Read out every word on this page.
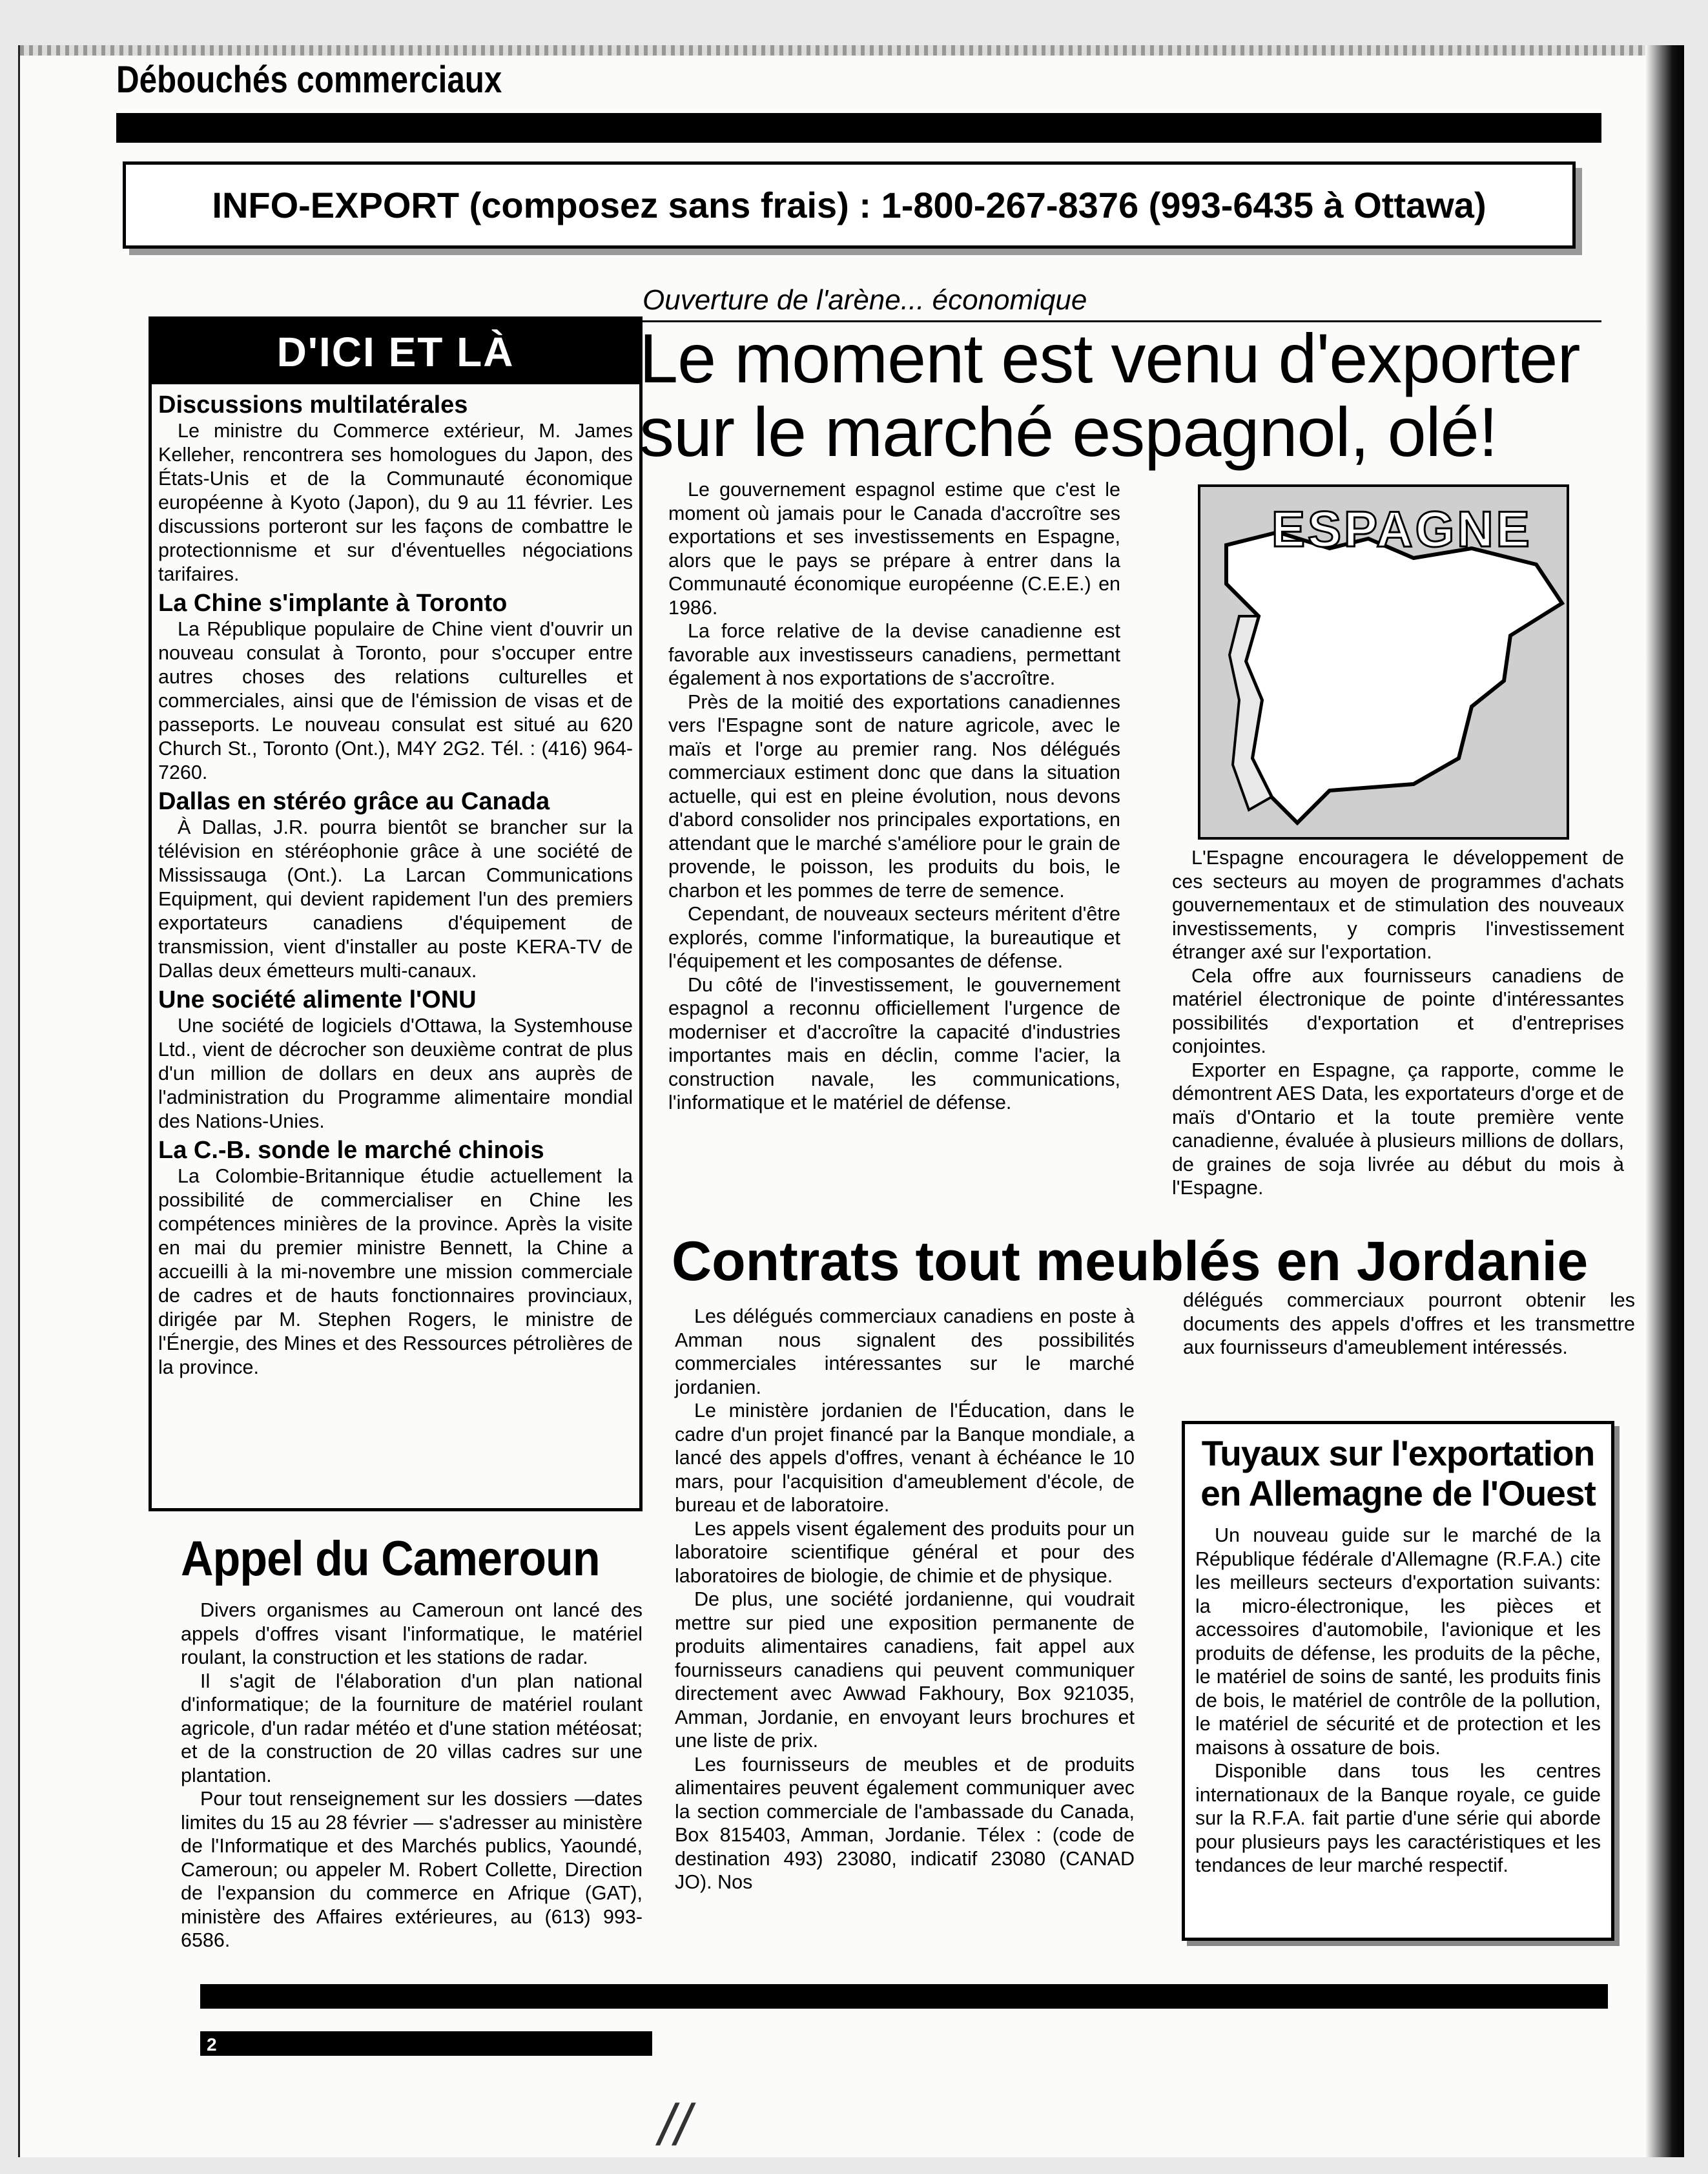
Débouchés commerciaux
INFO-EXPORT (composez sans frais) : 1-800-267-8376 (993-6435 à Ottawa)
D'ICI ET LÀ
Discussions multilatérales

Le ministre du Commerce extérieur, M. James Kelleher, rencontrera ses homologues du Japon, des États-Unis et de la Communauté économique européenne à Kyoto (Japon), du 9 au 11 février. Les discussions porteront sur les façons de combattre le protectionnisme et sur d'éventuelles négociations tarifaires.

La Chine s'implante à Toronto

La République populaire de Chine vient d'ouvrir un nouveau consulat à Toronto, pour s'occuper entre autres choses des relations culturelles et commerciales, ainsi que de l'émission de visas et de passeports. Le nouveau consulat est situé au 620 Church St., Toronto (Ont.), M4Y 2G2. Tél. : (416) 964-7260.

Dallas en stéréo grâce au Canada

À Dallas, J.R. pourra bientôt se brancher sur la télévision en stéréophonie grâce à une société de Mississauga (Ont.). La Larcan Communications Equipment, qui devient rapidement l'un des premiers exportateurs canadiens d'équipement de transmission, vient d'installer au poste KERA-TV de Dallas deux émetteurs multi-canaux.

Une société alimente l'ONU

Une société de logiciels d'Ottawa, la Systemhouse Ltd., vient de décrocher son deuxième contrat de plus d'un million de dollars en deux ans auprès de l'administration du Programme alimentaire mondial des Nations-Unies.

La C.-B. sonde le marché chinois

La Colombie-Britannique étudie actuellement la possibilité de commercialiser en Chine les compétences minières de la province. Après la visite en mai du premier ministre Bennett, la Chine a accueilli à la mi-novembre une mission commerciale de cadres et de hauts fonctionnaires provinciaux, dirigée par M. Stephen Rogers, le ministre de l'Énergie, des Mines et des Ressources pétrolières de la province.

Ouverture de l'arène... économique
Le moment est venu d'exporter sur le marché espagnol, olé!

Le gouvernement espagnol estime que c'est le moment où jamais pour le Canada d'accroître ses exportations et ses investissements en Espagne, alors que le pays se prépare à entrer dans la Communauté économique européenne (C.E.E.) en 1986.

La force relative de la devise canadienne est favorable aux investisseurs canadiens, permettant également à nos exportations de s'accroître.

Près de la moitié des exportations canadiennes vers l'Espagne sont de nature agricole, avec le maïs et l'orge au premier rang. Nos délégués commerciaux estiment donc que dans la situation actuelle, qui est en pleine évolution, nous devons d'abord consolider nos principales exportations, en attendant que le marché s'améliore pour le grain de provende, le poisson, les produits du bois, le charbon et les pommes de terre de semence.

Cependant, de nouveaux secteurs méritent d'être explorés, comme l'informatique, la bureautique et l'équipement et les composantes de défense.

Du côté de l'investissement, le gouvernement espagnol a reconnu officiellement l'urgence de moderniser et d'accroître la capacité d'industries importantes mais en déclin, comme l'acier, la construction navale, les communications, l'informatique et le matériel de défense.

ESPAGNE

L'Espagne encouragera le développement de ces secteurs au moyen de programmes d'achats gouvernementaux et de stimulation des nouveaux investissements, y compris l'investissement étranger axé sur l'exportation.

Cela offre aux fournisseurs canadiens de matériel électronique de pointe d'intéressantes possibilités d'exportation et d'entreprises conjointes.

Exporter en Espagne, ça rapporte, comme le démontrent AES Data, les exportateurs d'orge et de maïs d'Ontario et la toute première vente canadienne, évaluée à plusieurs millions de dollars, de graines de soja livrée au début du mois à l'Espagne.

Contrats tout meublés en Jordanie

Les délégués commerciaux canadiens en poste à Amman nous signalent des possibilités commerciales intéressantes sur le marché jordanien.

Le ministère jordanien de l'Éducation, dans le cadre d'un projet financé par la Banque mondiale, a lancé des appels d'offres, venant à échéance le 10 mars, pour l'acquisition d'ameublement d'école, de bureau et de laboratoire.

Les appels visent également des produits pour un laboratoire scientifique général et pour des laboratoires de biologie, de chimie et de physique.

De plus, une société jordanienne, qui voudrait mettre sur pied une exposition permanente de produits alimentaires canadiens, fait appel aux fournisseurs canadiens qui peuvent communiquer directement avec Awwad Fakhoury, Box 921035, Amman, Jordanie, en envoyant leurs brochures et une liste de prix.

Les fournisseurs de meubles et de produits alimentaires peuvent également communiquer avec la section commerciale de l'ambassade du Canada, Box 815403, Amman, Jordanie. Télex : (code de destination 493) 23080, indicatif 23080 (CANAD JO). Nos

délégués commerciaux pourront obtenir les documents des appels d'offres et les transmettre aux fournisseurs d'ameublement intéressés.

Tuyaux sur l'exportation en Allemagne de l'Ouest

Un nouveau guide sur le marché de la République fédérale d'Allemagne (R.F.A.) cite les meilleurs secteurs d'exportation suivants: la micro-électronique, les pièces et accessoires d'automobile, l'avionique et les produits de défense, les produits de la pêche, le matériel de soins de santé, les produits finis de bois, le matériel de contrôle de la pollution, le matériel de sécurité et de protection et les maisons à ossature de bois.

Disponible dans tous les centres internationaux de la Banque royale, ce guide sur la R.F.A. fait partie d'une série qui aborde pour plusieurs pays les caractéristiques et les tendances de leur marché respectif.

Appel du Cameroun

Divers organismes au Cameroun ont lancé des appels d'offres visant l'informatique, le matériel roulant, la construction et les stations de radar.

Il s'agit de l'élaboration d'un plan national d'informatique; de la fourniture de matériel roulant agricole, d'un radar météo et d'une station météosat; et de la construction de 20 villas cadres sur une plantation.

Pour tout renseignement sur les dossiers —dates limites du 15 au 28 février — s'adresser au ministère de l'Informatique et des Marchés publics, Yaoundé, Cameroun; ou appeler M. Robert Collette, Direction de l'expansion du commerce en Afrique (GAT), ministère des Affaires extérieures, au (613) 993-6586.

2
//
